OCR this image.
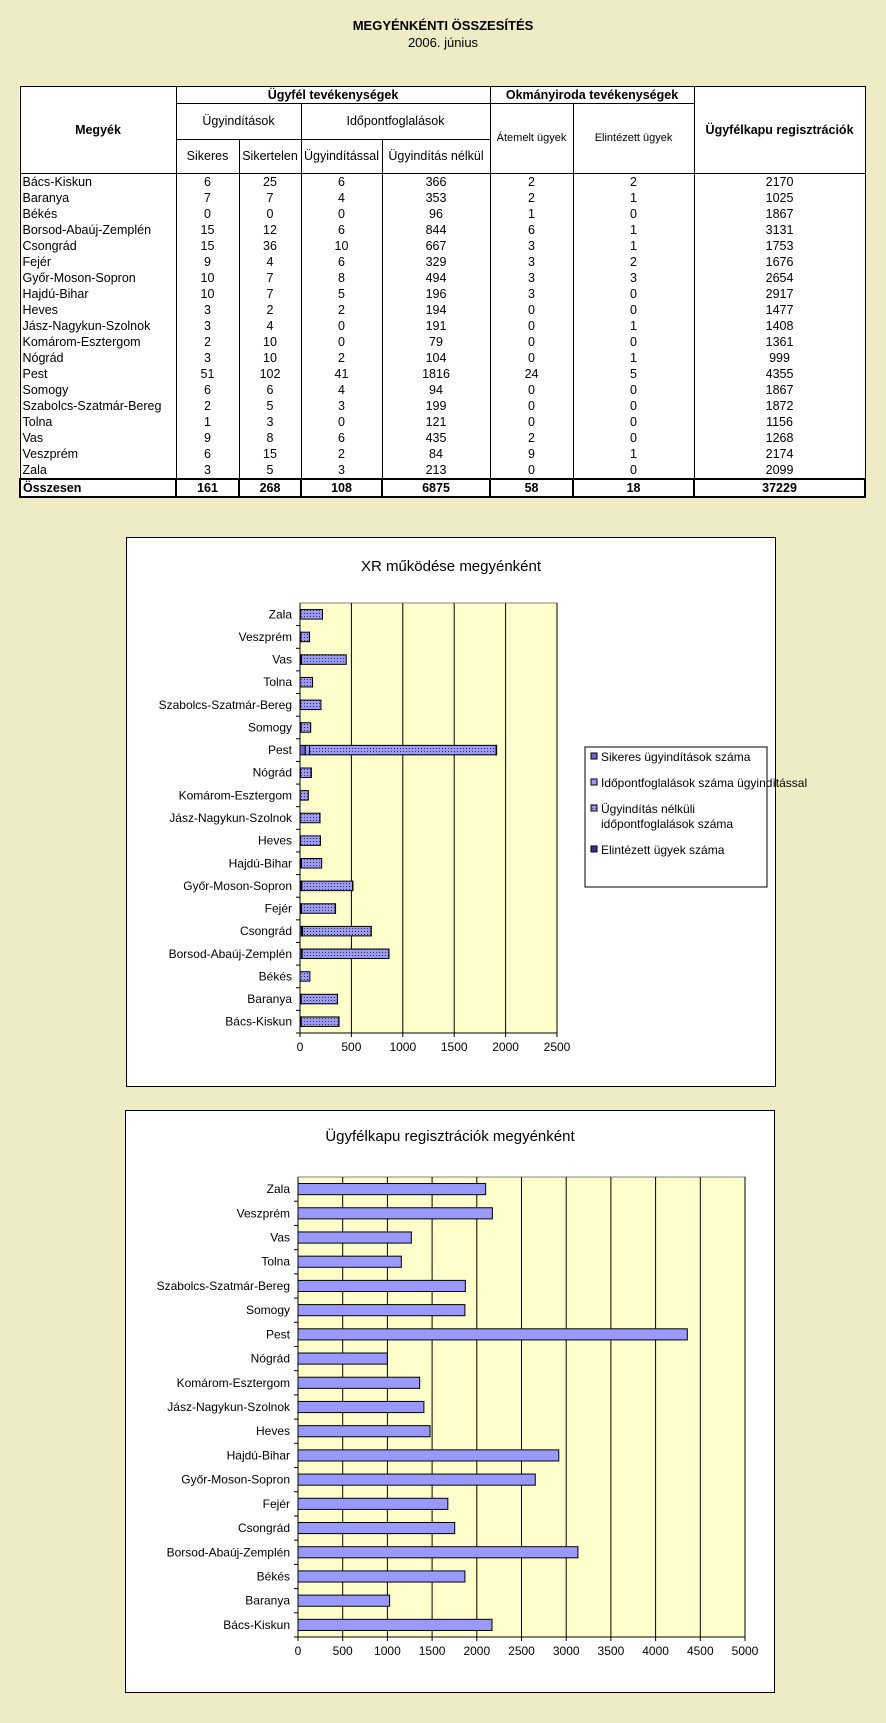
MEGYÉNKÉNTI ÖSSZESÍTÉS
2006. június
Megyék	Ügyfél tevékenységek				Okmányiroda tevékenységek		Ügyfélkapu regisztrációk
	Ügyindítások		Időpontfoglalások		Átemelt ügyek	Elintézett ügyek	
	Sikeres	Sikertelen	Ügyindítással	Ügyindítás nélkül			
Bács-Kiskun	6	25	6	366	2	2	2170
Baranya	7	7	4	353	2	1	1025
Békés	0	0	0	96	1	0	1867
Borsod-Abaúj-Zemplén	15	12	6	844	6	1	3131
Csongrád	15	36	10	667	3	1	1753
Fejér	9	4	6	329	3	2	1676
Győr-Moson-Sopron	10	7	8	494	3	3	2654
Hajdú-Bihar	10	7	5	196	3	0	2917
Heves	3	2	2	194	0	0	1477
Jász-Nagykun-Szolnok	3	4	0	191	0	1	1408
Komárom-Esztergom	2	10	0	79	0	0	1361
Nógrád	3	10	2	104	0	1	999
Pest	51	102	41	1816	24	5	4355
Somogy	6	6	4	94	0	0	1867
Szabolcs-Szatmár-Bereg	2	5	3	199	0	0	1872
Tolna	1	3	0	121	0	0	1156
Vas	9	8	6	435	2	0	1268
Veszprém	6	15	2	84	9	1	2174
Zala	3	5	3	213	0	0	2099
Összesen	161	268	108	6875	58	18	37229
XR működése megyénként
0	500 1000 1500 2000 2500
Bács-Kiskun
Baranya
Békés
Borsod-Abaúj-Zemplén
Csongrád
Fejér
Győr-Moson-Sopron
Hajdú-Bihar
Heves
Jász-Nagykun-Szolnok
Komárom-Esztergom
Nógrád
Pest
Somogy
Szabolcs-Szatmár-Bereg
Tolna
Vas
Veszprém
Zala
Sikeres ügyindítások száma
Időpontfoglalások száma ügyindítással
Ügyindítás nélküli
időpontfoglalások száma
Elintézett ügyek száma
Ügyfélkapu regisztrációk megyénként
0	500 1000 1500 2000 2500 3000 3500 4000 4500 5000
Bács-Kiskun
Baranya
Békés
Borsod-Abaúj-Zemplén
Csongrád
Fejér
Győr-Moson-Sopron
Hajdú-Bihar
Heves
Jász-Nagykun-Szolnok
Komárom-Esztergom
Nógrád
Pest
Somogy
Szabolcs-Szatmár-Bereg
Tolna
Vas
Veszprém
Zala
